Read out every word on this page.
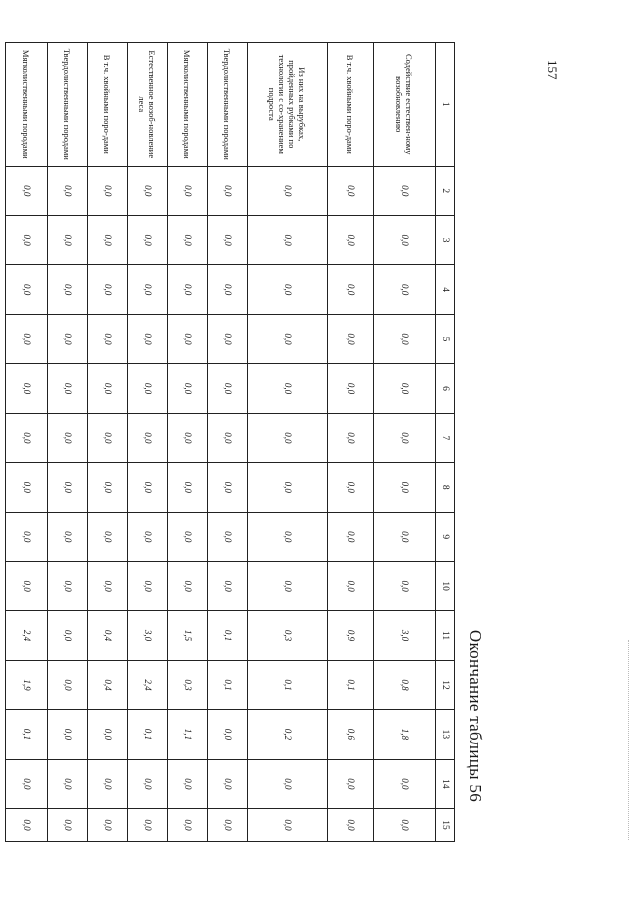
Окончание таблицы 56
1	2	3	4	5	6	7	8	9	10	11	12	13	14	15
Содействие естествен-ному возобновлению	0,0	0,0	0,0	0,0	0,0	0,0	0,0	0,0	0,0	3,0	0,8	1,8	0,0	0,0
В т.ч. хвойными поро-дами	0,0	0,0	0,0	0,0	0,0	0,0	0,0	0,0	0,0	0,9	0,1	0,6	0,0	0,0
Из них на вырубках, пройденных рубками по технологии с со-хранением подроста	0,0	0,0	0,0	0,0	0,0	0,0	0,0	0,0	0,0	0,3	0,1	0,2	0,0	0,0
Твердолиственными породами	0,0	0,0	0,0	0,0	0,0	0,0	0,0	0,0	0,0	0,1	0,1	0,0	0,0	0,0
Мягколиственными породами	0,0	0,0	0,0	0,0	0,0	0,0	0,0	0,0	0,0	1,5	0,3	1,1	0,0	0,0
Естественное возоб-новление леса	0,0	0,0	0,0	0,0	0,0	0,0	0,0	0,0	0,0	3,0	2,4	0,1	0,0	0,0
В т.ч. хвойными поро-дами	0,0	0,0	0,0	0,0	0,0	0,0	0,0	0,0	0,0	0,4	0,4	0,0	0,0	0,0
Твердолиственными породами	0,0	0,0	0,0	0,0	0,0	0,0	0,0	0,0	0,0	0,0	0,0	0,0	0,0	0,0
Мягколиственными породами	0,0	0,0	0,0	0,0	0,0	0,0	0,0	0,0	0,0	2,4	1,9	0,1	0,0	0,0
157
